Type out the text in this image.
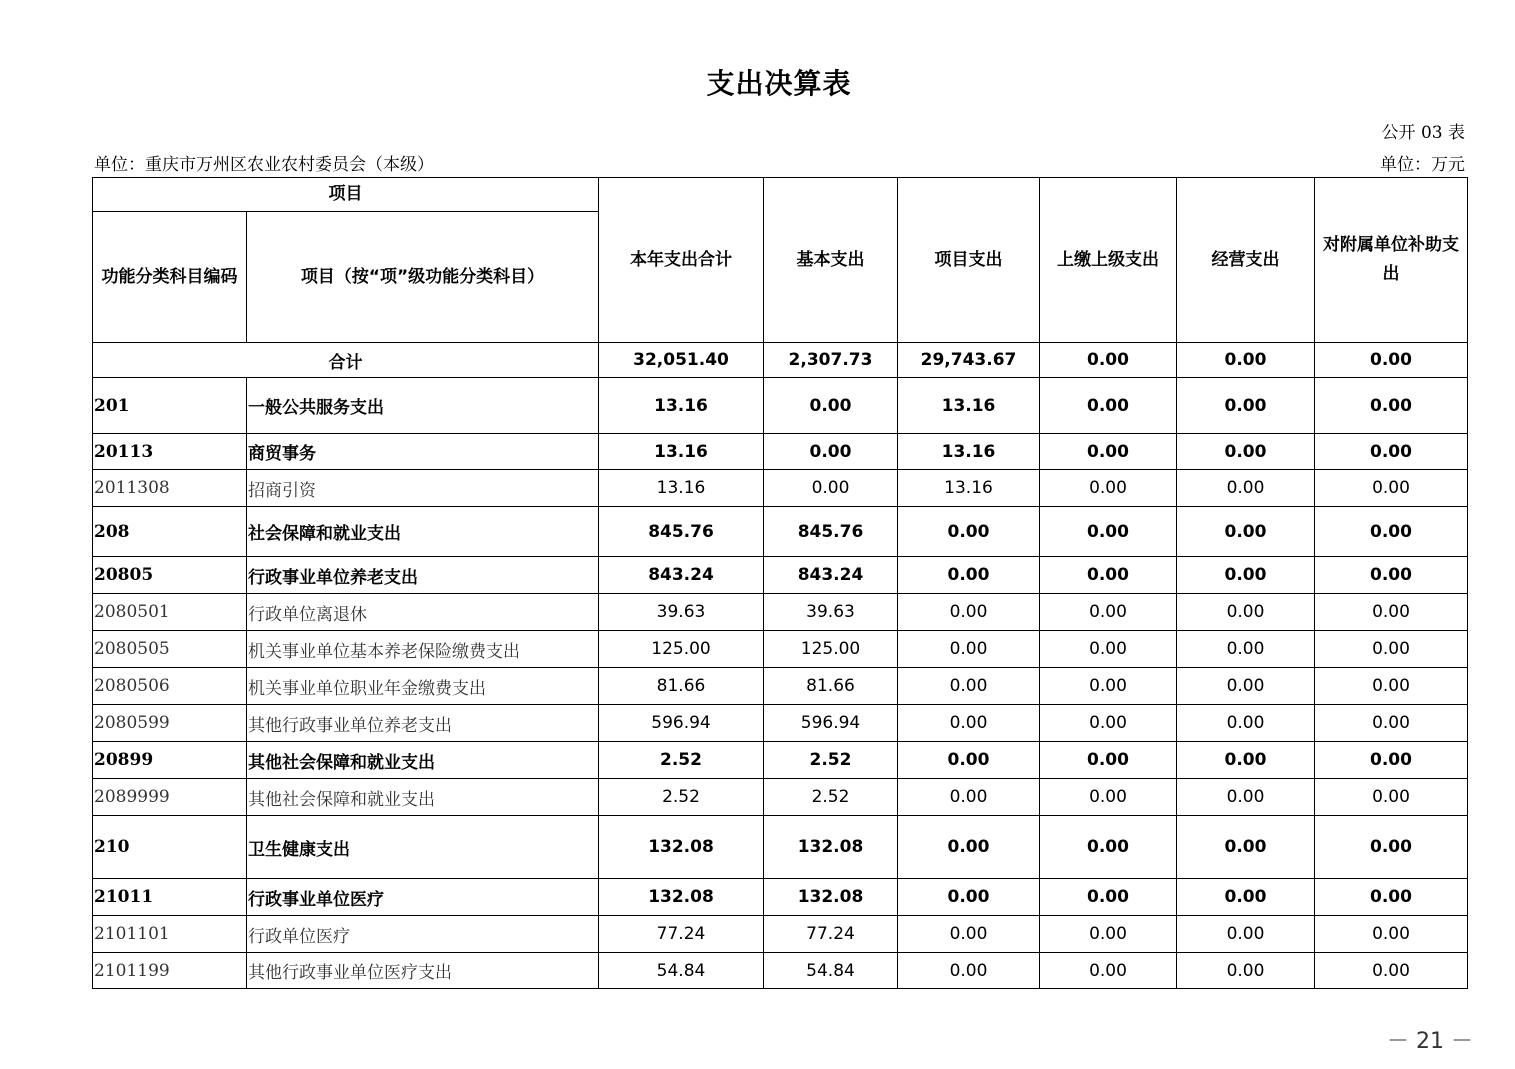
支出决算表
公开 03 表
单位：重庆市万州区农业农村委员会（本级）	单位：万元
项目		本年支出合计	基本支出	项目支出	上缴上级支出	经营支出	对附属单位补助支出
功能分类科目编码	项目（按“项”级功能分类科目）						
合计		32,051.40	2,307.73	29,743.67	0.00	0.00	0.00
201	一般公共服务支出	13.16	0.00	13.16	0.00	0.00	0.00
20113	商贸事务	13.16	0.00	13.16	0.00	0.00	0.00
2011308	招商引资	13.16	0.00	13.16	0.00	0.00	0.00
208	社会保障和就业支出	845.76	845.76	0.00	0.00	0.00	0.00
20805	行政事业单位养老支出	843.24	843.24	0.00	0.00	0.00	0.00
2080501	行政单位离退休	39.63	39.63	0.00	0.00	0.00	0.00
2080505	机关事业单位基本养老保险缴费支出	125.00	125.00	0.00	0.00	0.00	0.00
2080506	机关事业单位职业年金缴费支出	81.66	81.66	0.00	0.00	0.00	0.00
2080599	其他行政事业单位养老支出	596.94	596.94	0.00	0.00	0.00	0.00
20899	其他社会保障和就业支出	2.52	2.52	0.00	0.00	0.00	0.00
2089999	其他社会保障和就业支出	2.52	2.52	0.00	0.00	0.00	0.00
210	卫生健康支出	132.08	132.08	0.00	0.00	0.00	0.00
21011	行政事业单位医疗	132.08	132.08	0.00	0.00	0.00	0.00
2101101	行政单位医疗	77.24	77.24	0.00	0.00	0.00	0.00
2101199	其他行政事业单位医疗支出	54.84	54.84	0.00	0.00	0.00	0.00
－ 21 －
